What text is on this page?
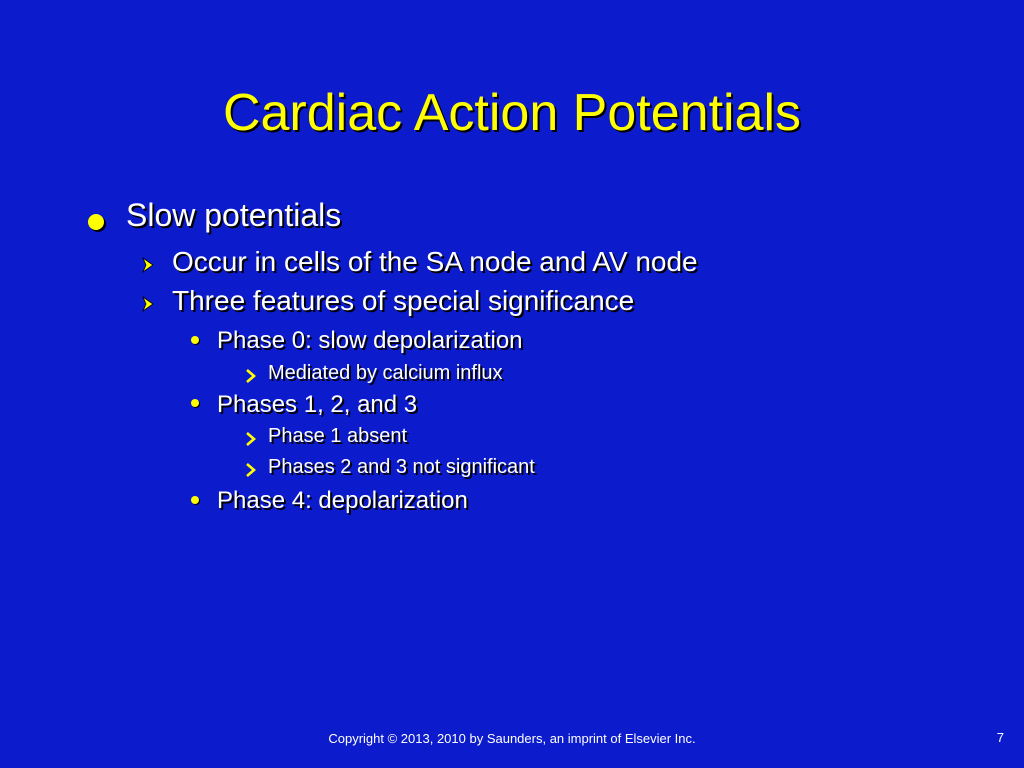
Cardiac Action Potentials
Slow potentials
Occur in cells of the SA node and AV node
Three features of special significance
Phase 0: slow depolarization
Mediated by calcium influx
Phases 1, 2, and 3
Phase 1 absent
Phases 2 and 3 not significant
Phase 4: depolarization
Copyright © 2013, 2010 by Saunders, an imprint of Elsevier Inc.	7
